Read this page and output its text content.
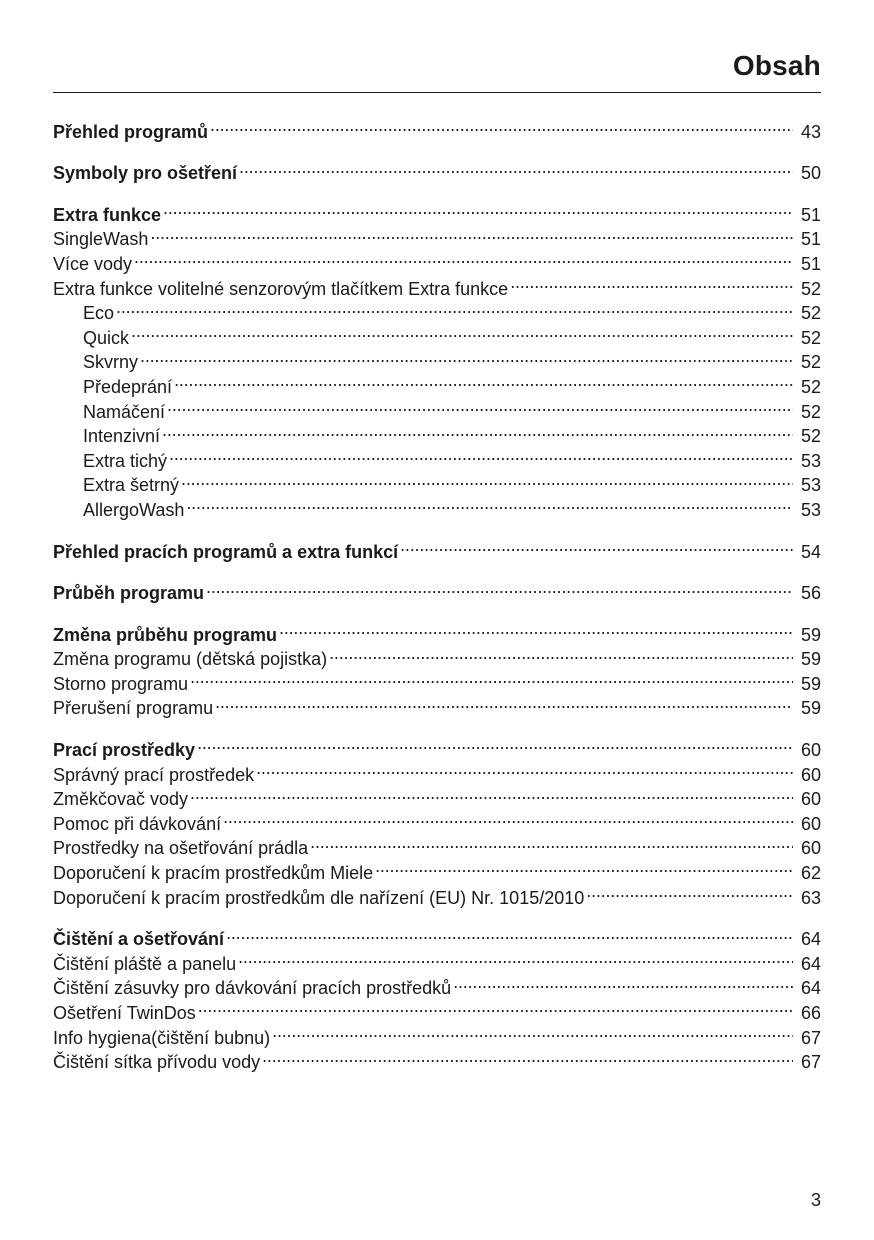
Obsah
Přehled programů . . .	43
Symboly pro ošetření . . .	50
Extra funkce . . .	51
SingleWash . . .	51
Více vody . . .	51
Extra funkce volitelné senzorovým tlačítkem Extra funkce . . .	52
Eco . . .	52
Quick . . .	52
Skvrny . . .	52
Předeprání . . .	52
Namáčení . . .	52
Intenzivní . . .	52
Extra tichý . . .	53
Extra šetrný . . .	53
AllergoWash . . .	53
Přehled pracích programů a extra funkcí . . .	54
Průběh programu . . .	56
Změna průběhu programu . . .	59
Změna programu (dětská pojistka) . . .	59
Storno programu . . .	59
Přerušení programu . . .	59
Prací prostředky . . .	60
Správný prací prostředek . . .	60
Změkčovač vody . . .	60
Pomoc při dávkování . . .	60
Prostředky na ošetřování prádla . . .	60
Doporučení k pracím prostředkům Miele . . .	62
Doporučení k pracím prostředkům dle nařízení (EU) Nr. 1015/2010 . . .	63
Čištění a ošetřování . . .	64
Čištění pláště a panelu . . .	64
Čištění zásuvky pro dávkování pracích prostředků . . .	64
Ošetření TwinDos . . .	66
Info hygiena(čištění bubnu) . . .	67
Čištění sítka přívodu vody . . .	67
3
